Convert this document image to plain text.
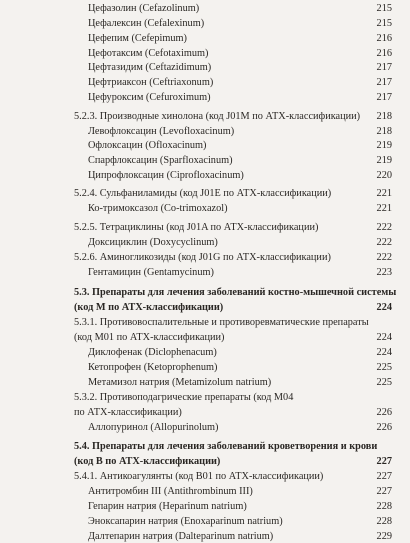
Цефазолин (Cefazolinum)	215
Цефалексин (Cefalexinum)	215
Цефепим (Cefepimum)	216
Цефотаксим (Cefotaximum)	216
Цефтазидим (Ceftazidimum)	217
Цефтриаксон (Ceftriaxonum)	217
Цефуроксим (Cefuroximum)	217
5.2.3. Производные хинолона (код J01M по АТХ-классификации)	218
Левофлоксацин (Levofloxacinum)	218
Офлоксацин (Ofloxacinum)	219
Спарфлоксацин (Sparfloxacinum)	219
Ципрофлоксацин (Ciprofloxacinum)	220
5.2.4. Сульфаниламиды (код J01E по АТХ-классификации)	221
Ко-тримоксазол (Co-trimoxazol)	221
5.2.5. Тетрациклины (код J01A по АТХ-классификации)	222
Доксициклин (Doxycyclinum)	222
5.2.6. Аминогликозиды (код J01G по АТХ-классификации)	222
Гентамицин (Gentamycinum)	223
5.3. Препараты для лечения заболеваний костно-мышечной системы
(код М по АТХ-классификации)	224
5.3.1. Противовоспалительные и противоревматические препараты
(код M01 по АТХ-классификации)	224
Диклофенак (Diclophenacum)	224
Кетопрофен (Ketoprophenum)	225
Метамизол натрия (Metamizolum natrium)	225
5.3.2. Противоподагрические препараты (код M04
по АТХ-классификации)	226
Аллопуринол (Allopurinolum)	226
5.4. Препараты для лечения заболеваний кроветворения и крови
(код В по АТХ-классификации)	227
5.4.1. Антикоагулянты (код B01 по АТХ-классификации)	227
Антитромбин III (Antithrombinum III)	227
Гепарин натрия (Heparinum natrium)	228
Эноксапарин натрия (Enoxaparinum natrium)	228
Далтепарин натрия (Dalteparinum natrium)	229
